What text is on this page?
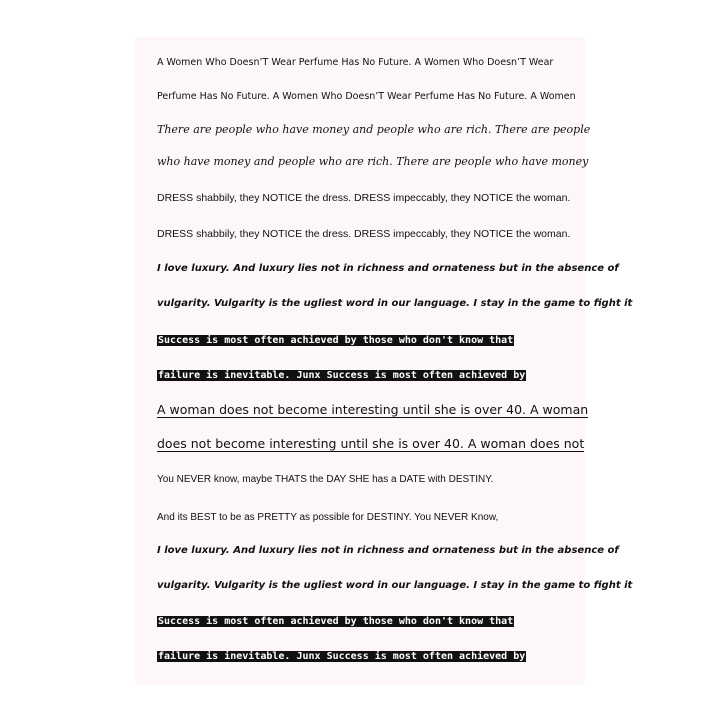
A Women Who Doesn’T Wear Perfume Has No Future. A Women Who Doesn’T Wear
Perfume Has No Future. A Women Who Doesn’T Wear Perfume Has No Future. A Women
There are people who have money and people who are rich. There are people
who have money and people who are rich. There are people who have money
DRESS shabbily, they NOTICE the dress. DRESS impeccably, they NOTICE the woman.
DRESS shabbily, they NOTICE the dress. DRESS impeccably, they NOTICE the woman.
I love luxury. And luxury lies not in richness and ornateness but in the absence of
vulgarity. Vulgarity is the ugliest word in our language. I stay in the game to fight it
Success is most often achieved by those who don't know that
failure is inevitable. Junx Success is most often achieved by
A woman does not become interesting until she is over 40. A woman
does not become interesting until she is over 40. A woman does not
You NEVER know, maybe THATS the DAY SHE has a DATE with DESTINY.
And its BEST to be as PRETTY as possible for DESTINY. You NEVER Know,
I love luxury. And luxury lies not in richness and ornateness but in the absence of
vulgarity. Vulgarity is the ugliest word in our language. I stay in the game to fight it
Success is most often achieved by those who don't know that
failure is inevitable. Junx Success is most often achieved by
